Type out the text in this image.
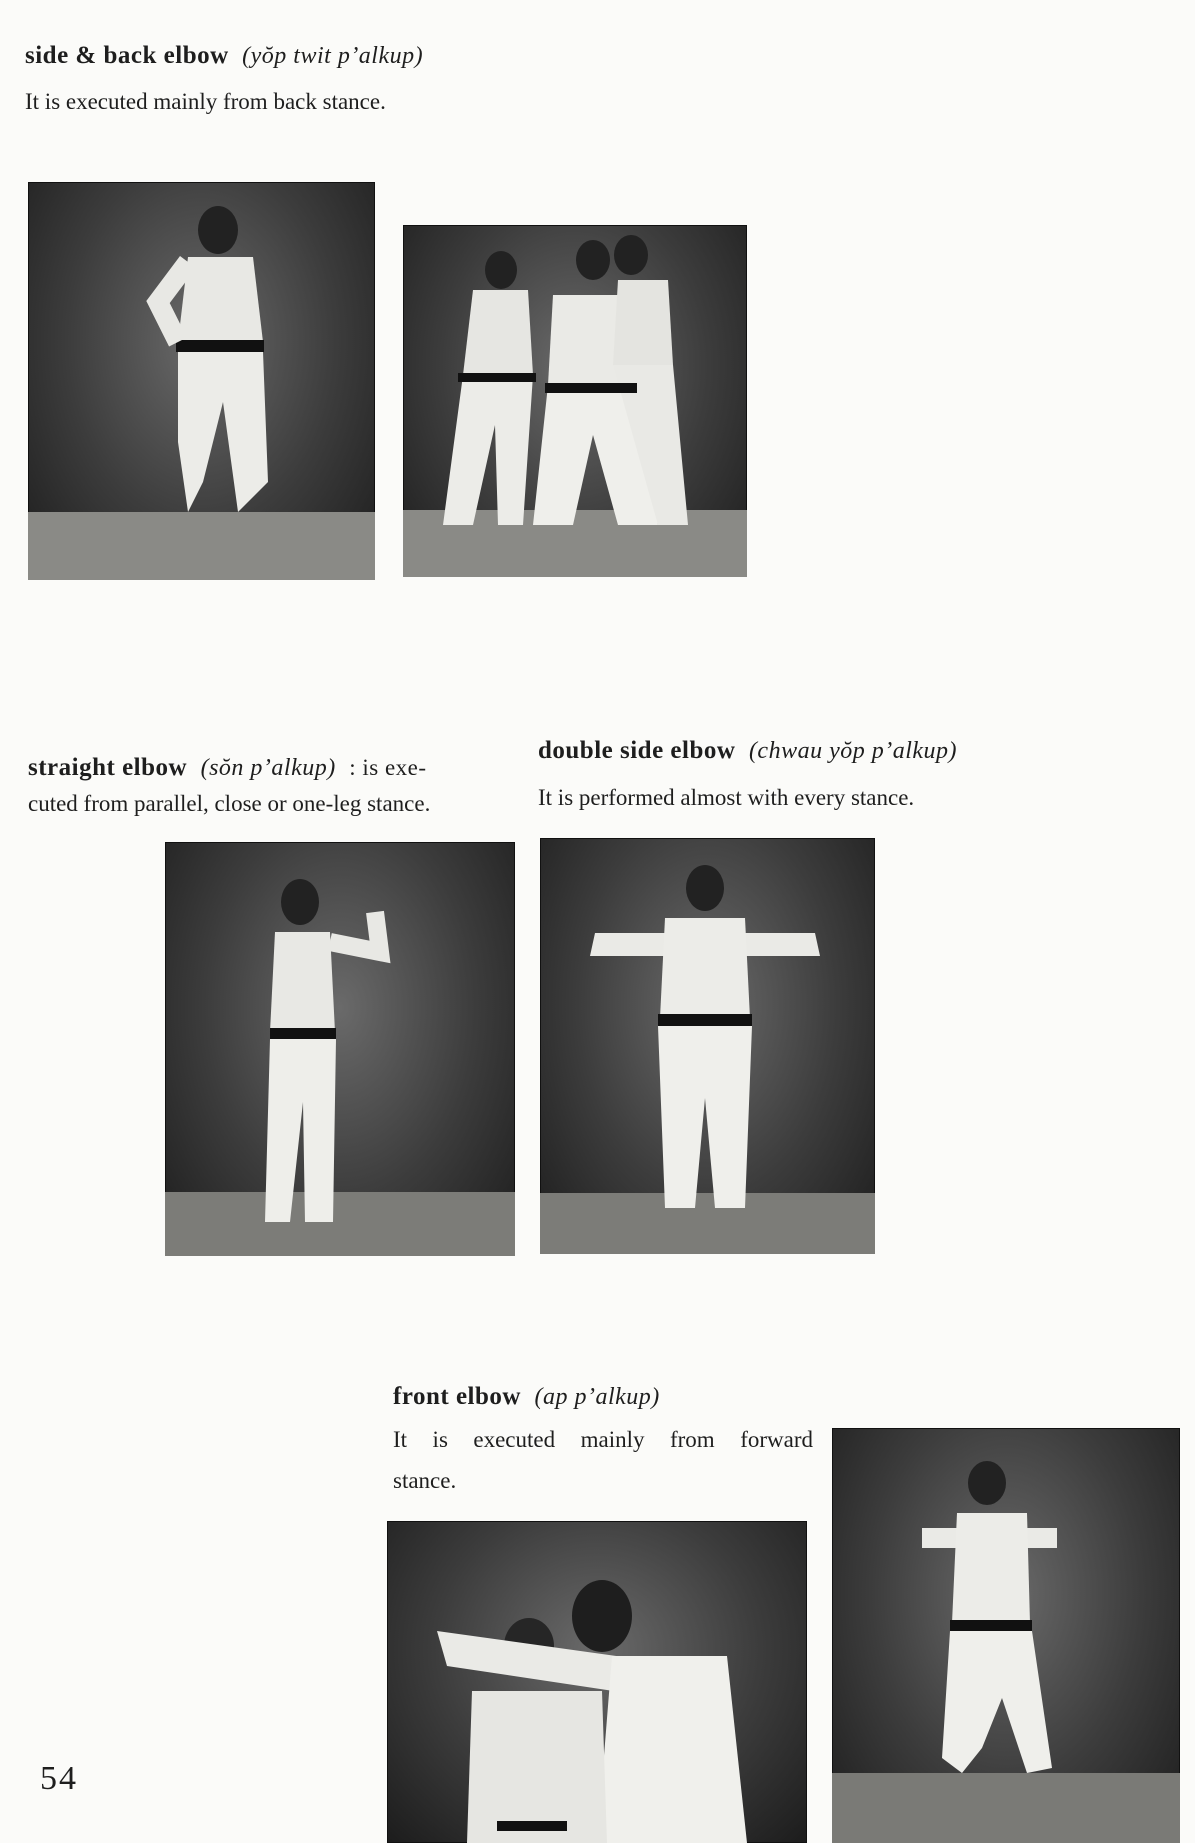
side & back elbow (yŏp twit p’alkup)
It is executed mainly from back stance.
straight elbow (sŏn p’alkup) : is exe-
cuted from parallel, close or one-leg stance.
double side elbow (chwau yŏp p’alkup)
It is performed almost with every stance.
front elbow (ap p’alkup)
It is executed mainly from forward
stance.
54
